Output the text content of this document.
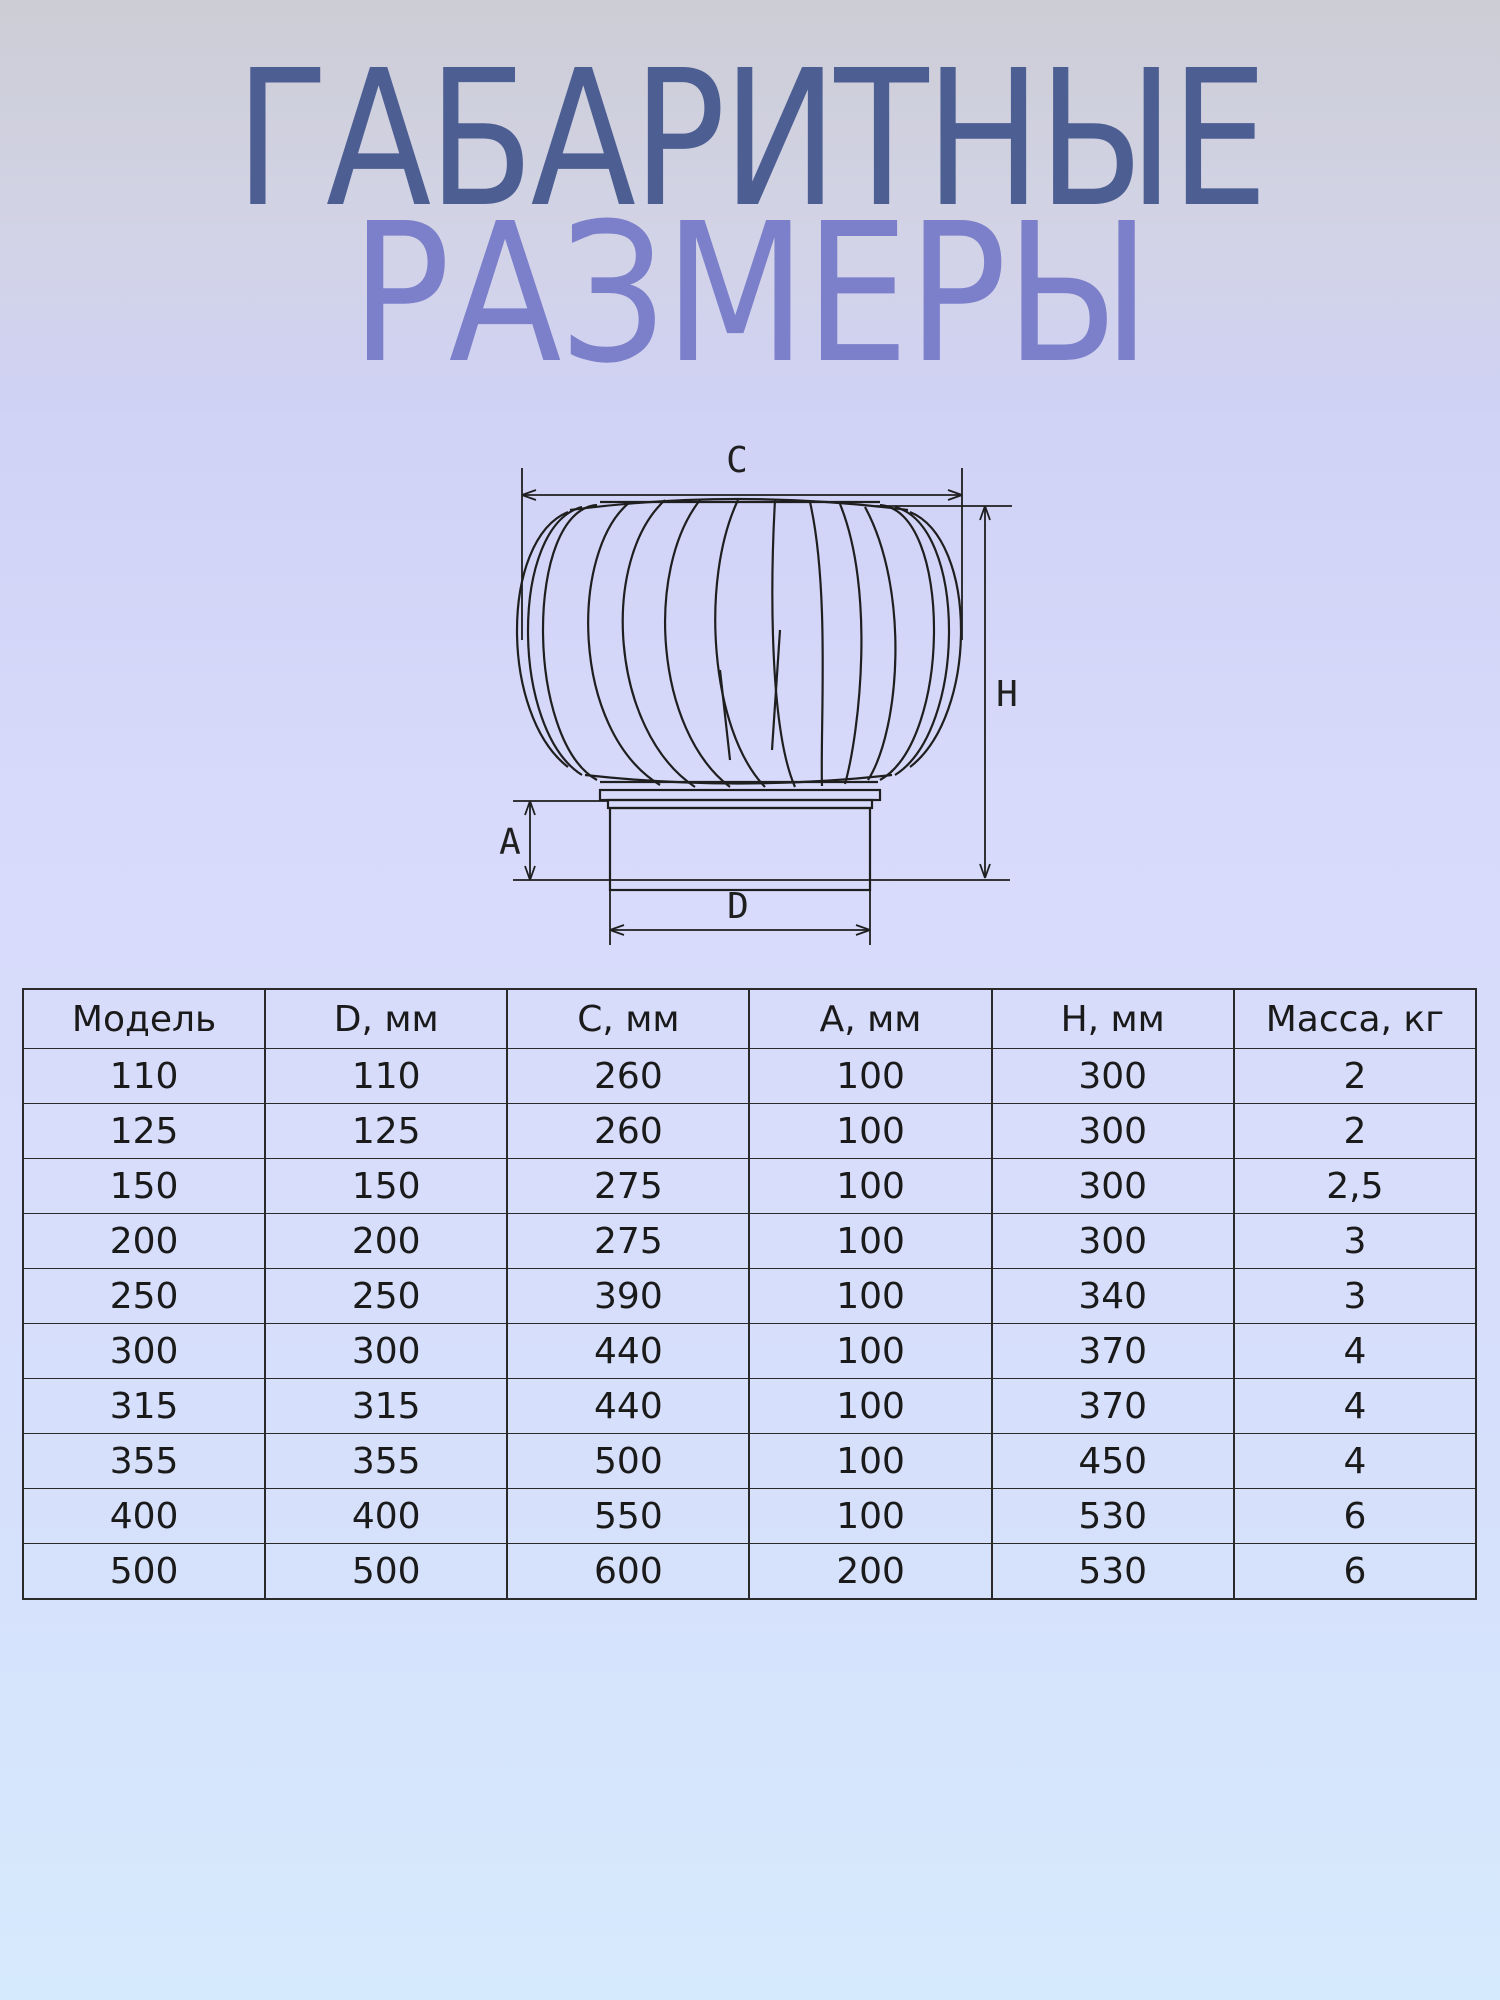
ГАБАРИТНЫЕ
РАЗМЕРЫ
C
H
A
D
Модель	D, мм	C, мм	A, мм	H, мм	Масса, кг
110	110	260	100	300	2
125	125	260	100	300	2
150	150	275	100	300	2,5
200	200	275	100	300	3
250	250	390	100	340	3
300	300	440	100	370	4
315	315	440	100	370	4
355	355	500	100	450	4
400	400	550	100	530	6
500	500	600	200	530	6
